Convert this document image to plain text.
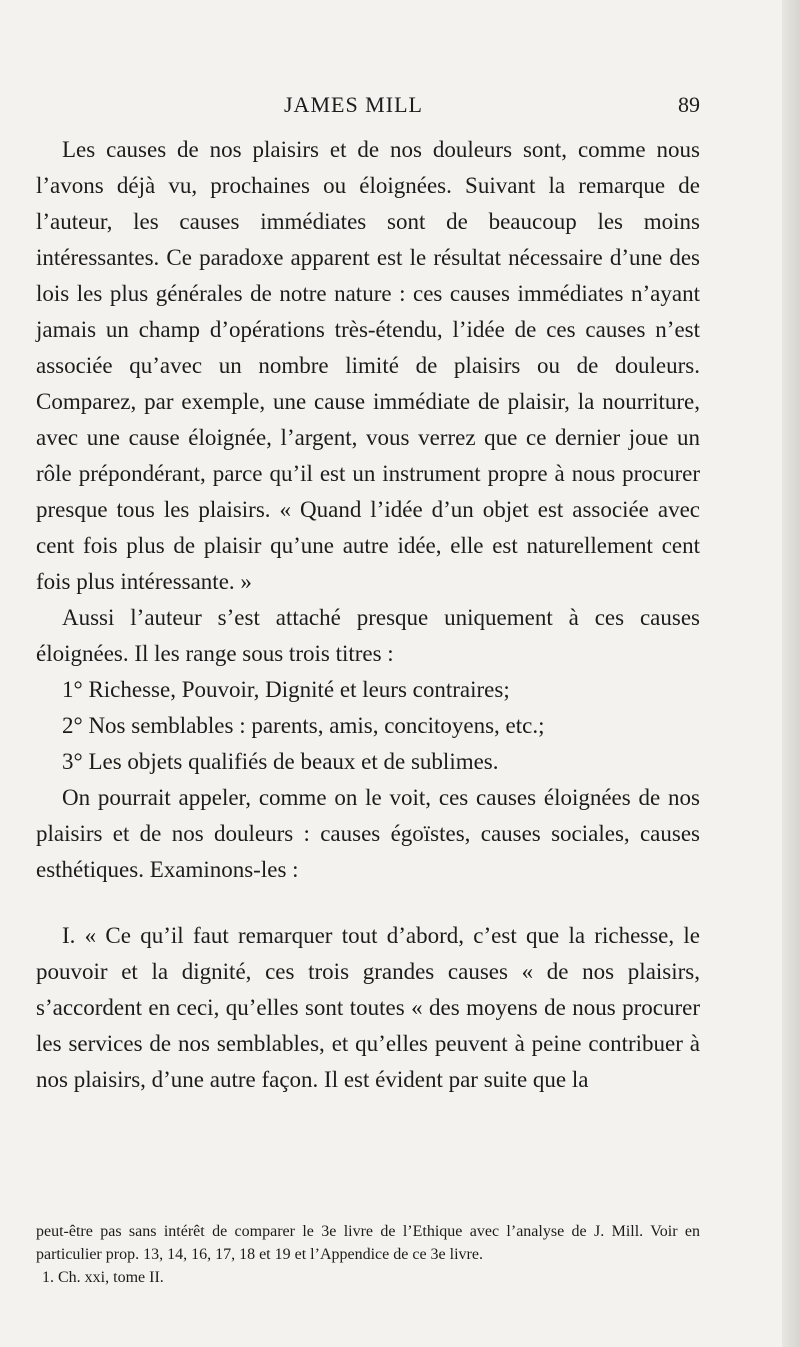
JAMES MILL	89

Les causes de nos plaisirs et de nos douleurs sont, comme nous l’avons déjà vu, prochaines ou éloignées. Suivant la remarque de l’auteur, les causes immédiates sont de beaucoup les moins intéressantes. Ce paradoxe apparent est le résultat nécessaire d’une des lois les plus générales de notre nature : ces causes immédiates n’ayant jamais un champ d’opérations très-étendu, l’idée de ces causes n’est associée qu’avec un nombre limité de plaisirs ou de douleurs. Comparez, par exemple, une cause immédiate de plaisir, la nourriture, avec une cause éloignée, l’argent, vous verrez que ce dernier joue un rôle prépondérant, parce qu’il est un instrument propre à nous procurer presque tous les plaisirs. « Quand l’idée d’un objet est associée avec cent fois plus de plaisir qu’une autre idée, elle est naturellement cent fois plus intéressante. »

Aussi l’auteur s’est attaché presque uniquement à ces causes éloignées. Il les range sous trois titres :

1° Richesse, Pouvoir, Dignité et leurs contraires;

2° Nos semblables : parents, amis, concitoyens, etc.;

3° Les objets qualifiés de beaux et de sublimes.

On pourrait appeler, comme on le voit, ces causes éloignées de nos plaisirs et de nos douleurs : causes égoïstes, causes sociales, causes esthétiques. Examinons-les :

I. « Ce qu’il faut remarquer tout d’abord, c’est que la richesse, le pouvoir et la dignité, ces trois grandes causes « de nos plaisirs, s’accordent en ceci, qu’elles sont toutes « des moyens de nous procurer les services de nos semblables, et qu’elles peuvent à peine contribuer à nos plaisirs, d’une autre façon. Il est évident par suite que la

peut-être pas sans intérêt de comparer le 3e livre de l’Ethique avec l’analyse de J. Mill. Voir en particulier prop. 13, 14, 16, 17, 18 et 19 et l’Appendice de ce 3e livre.

1. Ch. xxi, tome II.
